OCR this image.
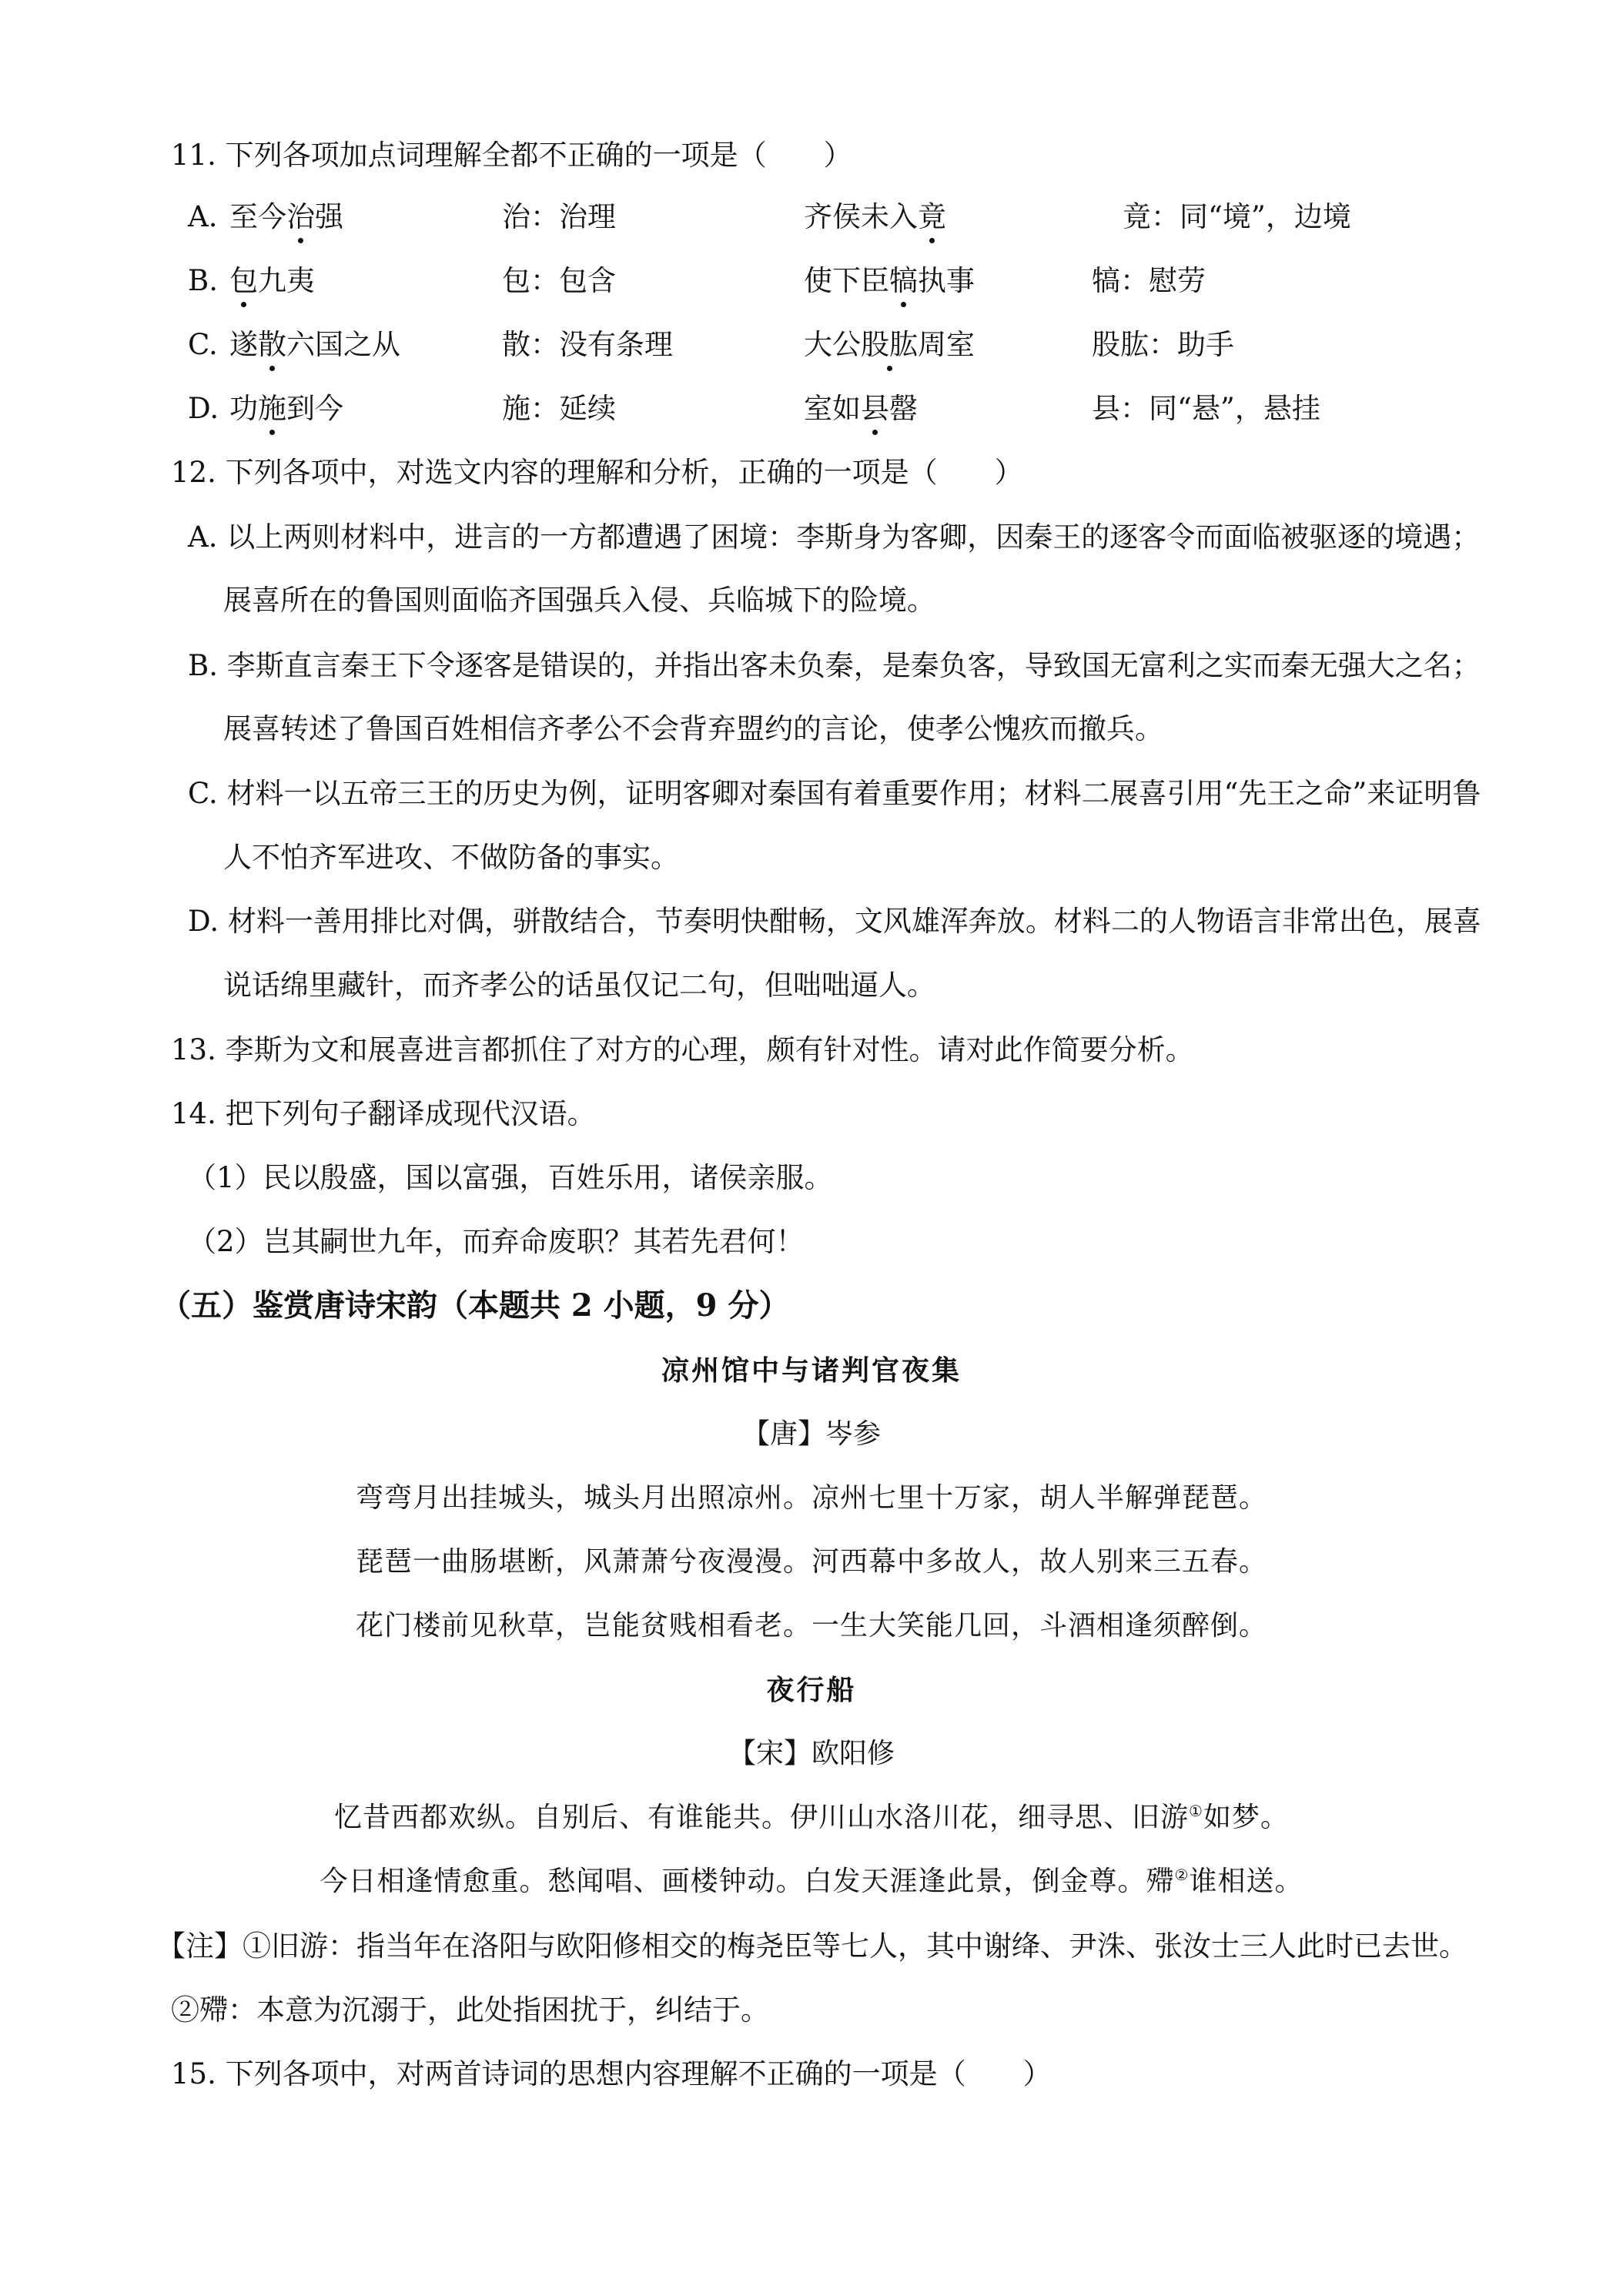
11. 下列各项加点词理解全都不正确的一项是（　　）
A. 至今治强	治：治理	齐侯未入竟	竟：同“境”，边境
B. 包九夷	包：包含	使下臣犒执事	犒：慰劳
C. 遂散六国之从	散：没有条理	大公股肱周室	股肱：助手
D. 功施到今	施：延续	室如县罄	县：同“悬”，悬挂
12. 下列各项中，对选文内容的理解和分析，正确的一项是（　　）
A. 以上两则材料中，进言的一方都遭遇了困境：李斯身为客卿，因秦王的逐客令而面临被驱逐的境遇；
展喜所在的鲁国则面临齐国强兵入侵、兵临城下的险境。
B. 李斯直言秦王下令逐客是错误的，并指出客未负秦，是秦负客，导致国无富利之实而秦无强大之名；
展喜转述了鲁国百姓相信齐孝公不会背弃盟约的言论，使孝公愧疚而撤兵。
C. 材料一以五帝三王的历史为例，证明客卿对秦国有着重要作用；材料二展喜引用“先王之命”来证明鲁
人不怕齐军进攻、不做防备的事实。
D. 材料一善用排比对偶，骈散结合，节奏明快酣畅，文风雄浑奔放。材料二的人物语言非常出色，展喜
说话绵里藏针，而齐孝公的话虽仅记二句，但咄咄逼人。
13. 李斯为文和展喜进言都抓住了对方的心理，颇有针对性。请对此作简要分析。
14. 把下列句子翻译成现代汉语。
（1）民以殷盛，国以富强，百姓乐用，诸侯亲服。
（2）岂其嗣世九年，而弃命废职？其若先君何！
（五）鉴赏唐诗宋韵（本题共 2 小题，9 分）
凉州馆中与诸判官夜集
【唐】岑参
弯弯月出挂城头，城头月出照凉州。凉州七里十万家，胡人半解弹琵琶。
琵琶一曲肠堪断，风萧萧兮夜漫漫。河西幕中多故人，故人别来三五春。
花门楼前见秋草，岂能贫贱相看老。一生大笑能几回，斗酒相逢须醉倒。
夜行船
【宋】欧阳修
忆昔西都欢纵。自别后、有谁能共。伊川山水洛川花，细寻思、旧游①如梦。
今日相逢情愈重。愁闻唱、画楼钟动。白发天涯逢此景，倒金尊。殢②谁相送。
【注】①旧游：指当年在洛阳与欧阳修相交的梅尧臣等七人，其中谢绛、尹洙、张汝士三人此时已去世。
②殢：本意为沉溺于，此处指困扰于，纠结于。
15. 下列各项中，对两首诗词的思想内容理解不正确的一项是（　　）
